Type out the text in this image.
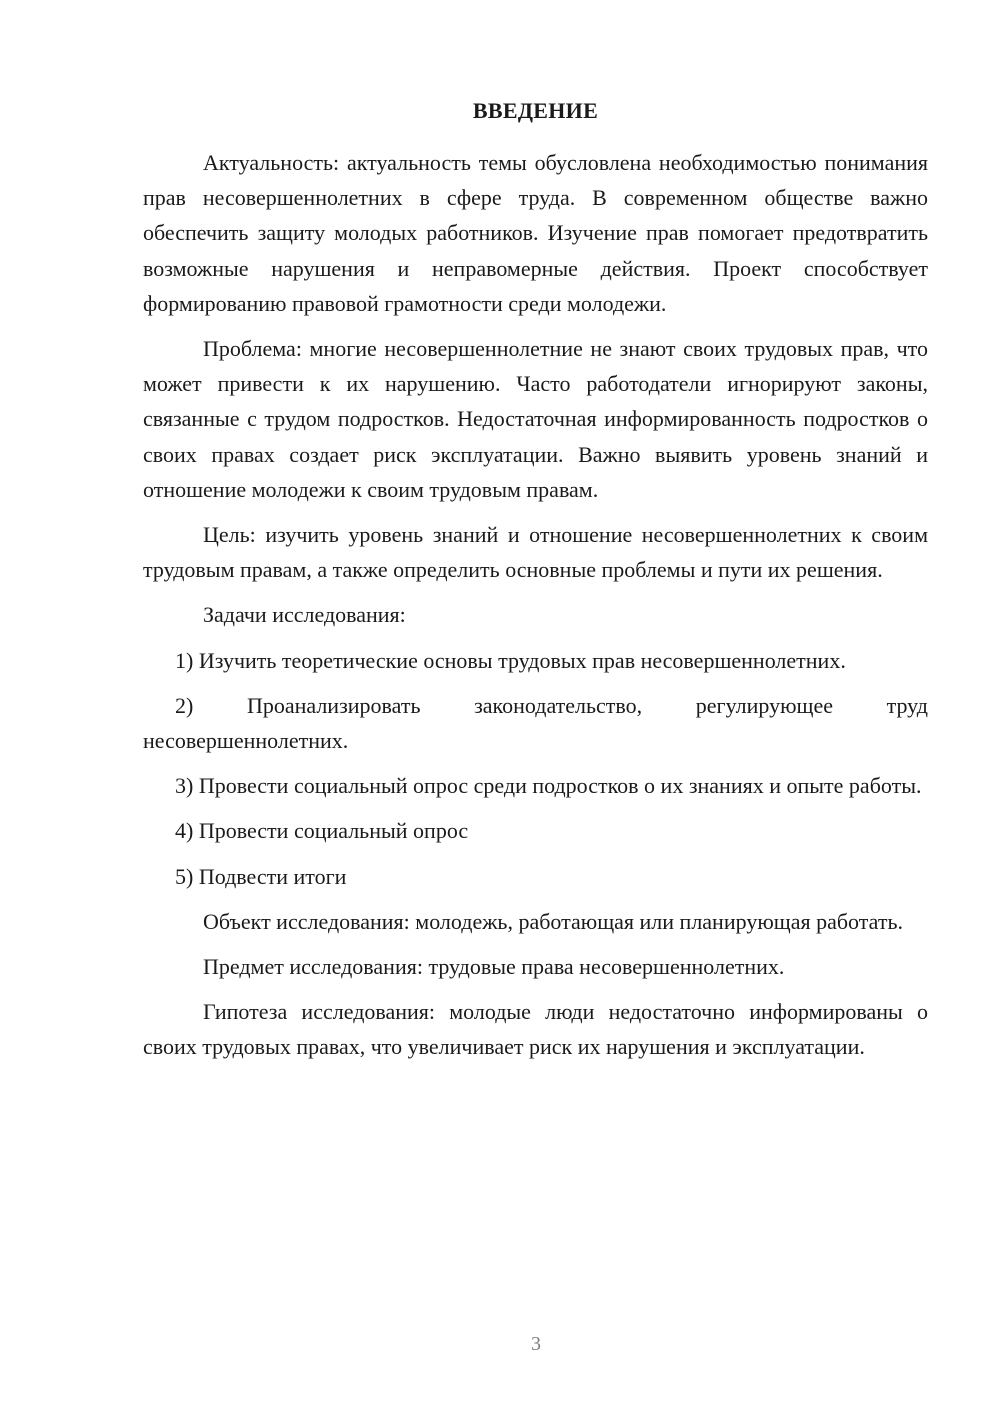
ВВЕДЕНИЕ

Актуальность: актуальность темы обусловлена необходимостью понимания прав несовершеннолетних в сфере труда. В современном обществе важно обеспечить защиту молодых работников. Изучение прав помогает предотвратить возможные нарушения и неправомерные действия. Проект способствует формированию правовой грамотности среди молодежи.

Проблема: многие несовершеннолетние не знают своих трудовых прав, что может привести к их нарушению. Часто работодатели игнорируют законы, связанные с трудом подростков. Недостаточная информированность подростков о своих правах создает риск эксплуатации. Важно выявить уровень знаний и отношение молодежи к своим трудовым правам.

Цель: изучить уровень знаний и отношение несовершеннолетних к своим трудовым правам, а также определить основные проблемы и пути их решения.

Задачи исследования:

1) Изучить теоретические основы трудовых прав несовершеннолетних.

2) Проанализировать законодательство, регулирующее труд несовершеннолетних.

3) Провести социальный опрос среди подростков о их знаниях и опыте работы.

4) Провести социальный опрос

5) Подвести итоги

Объект исследования: молодежь, работающая или планирующая работать.

Предмет исследования: трудовые права несовершеннолетних.

Гипотеза исследования: молодые люди недостаточно информированы о своих трудовых правах, что увеличивает риск их нарушения и эксплуатации.

3
